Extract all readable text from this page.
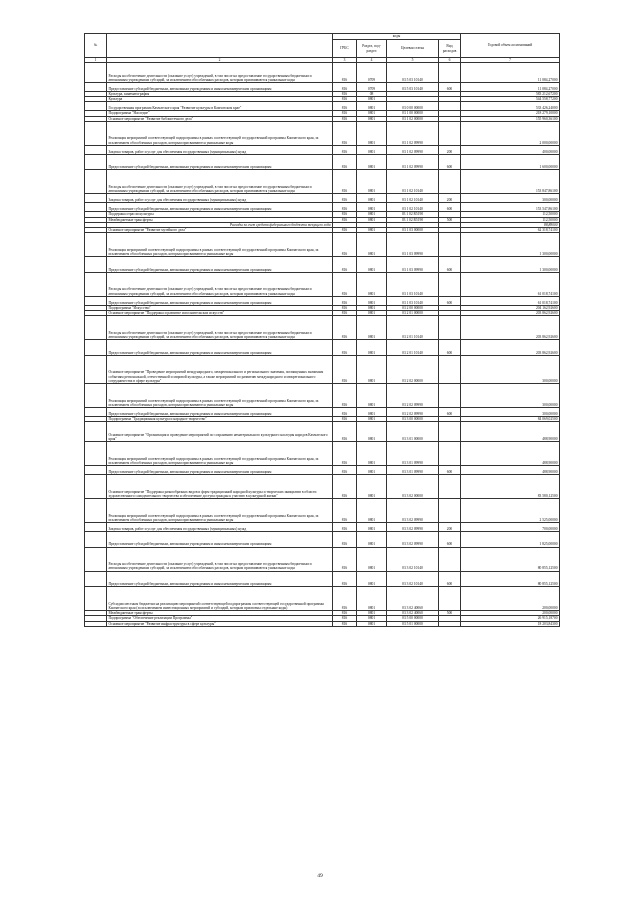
№		коды				Годовой объем ассигнований
		ГРБС	Раздел, под-раздел	Целевая статья	Вид расходов	
1	2	3	4	5	6	7
	Расходы на обеспечение деятельности (оказание услуг) учреждений, в том числе на предоставление государственным бюджетным и автономным учреждениям субсидий, за исключением обособленных расходов, которым присваиваются уникальные коды	816	0709	03 5 03 10140		11 084,27000
	Предоставление субсидий бюджетным, автономным учреждениям и иным некоммерческим организациям	816	0709	03 5 03 10140	600	11 084,27000
	Культура, кинематография	816	08			583 212,67200
	Культура	816	0801			544 558,77200
	Государственная программа Камчатского края "Развитие культуры в Камчатском крае"	816	0801	03 0 00 00000		533 426,24000
	Подпрограмма "Наследие"	816	0801	03 1 00 00000		218 279,10000
	Основное мероприятие "Развитие библиотечного дела"	816	0801	03 1 02 00000		155 960,36100
	Реализация мероприятий соответствующей подпрограммы в рамках соответствующей государственной программы Камчатского края, за исключением обособленных расходов, которым присваиваются уникальные коды	816	0801	03 1 02 09990		2 000,00000
	Закупка товаров, работ и услуг для обеспечения государственных (муниципальных) нужд	816	0801	03 1 02 09990	200	400,00000
	Предоставление субсидий бюджетным, автономным учреждениям и иным некоммерческим организациям	816	0801	03 1 02 09990	600	1 600,00000
	Расходы на обеспечение деятельности (оказание услуг) учреждений, в том числе на предоставление государственным бюджетным и автономным учреждениям субсидий, за исключением обособленных расходов, которым присваиваются уникальные коды	816	0801	03 1 02 10140		153 847,86100
	Закупка товаров, работ и услуг для обеспечения государственных (муниципальных) нужд	816	0801	03 1 02 10140	200	300,00000
	Предоставление субсидий бюджетным, автономным учреждениям и иным некоммерческим организациям	816	0801	03 1 02 10140	600	153 547,86100
	Поддержка отрасли культуры	816	0801	03 1 02 R5190		112,50000
	Межбюджетные трансферты	816	0801	03 1 02 R5190	500	112,50000
	Расходы за счет средств федерального бюджета текущего года					88,88000
	Основное мероприятие "Развитие музейного дела"	816	0801	03 1 03 00000		62 318,74100
	Реализация мероприятий соответствующей подпрограммы в рамках соответствующей государственной программы Камчатского края, за исключением обособленных расходов, которым присваиваются уникальные коды	816	0801	03 1 03 09990		1 300,00000
	Предоставление субсидий бюджетным, автономным учреждениям и иным некоммерческим организациям	816	0801	03 1 03 09990	600	1 300,00000
	Расходы на обеспечение деятельности (оказание услуг) учреждений, в том числе на предоставление государственным бюджетным и автономным учреждениям субсидий, за исключением обособленных расходов, которым присваиваются уникальные коды	816	0801	03 1 03 10140		61 018,74100
	Предоставление субсидий бюджетным, автономным учреждениям и иным некоммерческим организациям	816	0801	03 1 03 10140	600	61 018,74100
	Подпрограмма "Искусство"	816	0801	03 2 00 00000		204 162,92600
	Основное мероприятие "Поддержка и развитие исполнительских искусств"	816	0801	03 2 01 00000		203 862,92600
	Расходы на обеспечение деятельности (оказание услуг) учреждений, в том числе на предоставление государственным бюджетным и автономным учреждениям субсидий, за исключением обособленных расходов, которым присваиваются уникальные коды	816	0801	03 2 01 10140		203 862,92600
	Предоставление субсидий бюджетным, автономным учреждениям и иным некоммерческим организациям	816	0801	03 2 01 10140	600	203 862,92600
	Основное мероприятие "Проведение мероприятий международного, межрегионального и регионального значения, посвященных значимым событиям региональной, отечественной и мировой культуры, а также мероприятий по развитию международного и межрегионального сотрудничества в сфере культуры"	816	0801	03 2 02 00000		300,00000
	Реализация мероприятий соответствующей подпрограммы в рамках соответствующей государственной программы Камчатского края, за исключением обособленных расходов, которым присваиваются уникальные коды	816	0801	03 2 02 09990		300,00000
	Предоставление субсидий бюджетным, автономным учреждениям и иным некоммерческим организациям	816	0801	03 2 02 09990	600	300,00000
	Подпрограмма "Традиционная культура и народное творчество"	816	0801	03 3 00 00000		84 069,02500
	Основное мероприятие "Организация и проведение мероприятий по сохранению нематериального культурного наследия народов Камчатского края"	816	0801	03 3 01 00000		488,90000
	Реализация мероприятий соответствующей подпрограммы в рамках соответствующей государственной программы Камчатского края, за исключением обособленных расходов, которым присваиваются уникальные коды	816	0801	03 3 01 09990		488,90000
	Предоставление субсидий бюджетным, автономным учреждениям и иным некоммерческим организациям	816	0801	03 3 01 09990	600	488,90000
	Основное мероприятие "Поддержка разнообразных видов и форм традиционной народной культуры и творческих инициатив в области художественного самодеятельного творчества и обеспечение доступа граждан к участию в культурной жизни"	816	0801	03 3 02 00000		83 580,12500
	Реализация мероприятий соответствующей подпрограммы в рамках соответствующей государственной программы Камчатского края, за исключением обособленных расходов, которым присваиваются уникальные коды	816	0801	03 3 02 09990		2 525,00000
	Закупка товаров, работ и услуг для обеспечения государственных (муниципальных) нужд	816	0801	03 3 02 09990	200	700,00000
	Предоставление субсидий бюджетным, автономным учреждениям и иным некоммерческим организациям	816	0801	03 3 02 09990	600	1 825,00000
	Расходы на обеспечение деятельности (оказание услуг) учреждений, в том числе на предоставление государственным бюджетным и автономным учреждениям субсидий, за исключением обособленных расходов, которым присваиваются уникальные коды	816	0801	03 3 02 10140		80 855,12500
	Предоставление субсидий бюджетным, автономным учреждениям и иным некоммерческим организациям	816	0801	03 3 02 10140	600	80 855,12500
	Субсидии местным бюджетам на реализацию мероприятий соответствующей подпрограммы соответствующей государственной программы Камчатского края (за исключением инвестиционных мероприятий и субсидий, которым присвоены отдельные коды)	816	0801	03 3 02 40060		200,00000
	Межбюджетные трансферты	816	0801	03 3 02 40060	500	200,00000
	Подпрограмма "Обеспечение реализации Программы"	816	0801	03 5 00 00000		26 915,18700
	Основное мероприятие "Развитие инфраструктуры в сфере культуры"	816	0801	03 5 01 00000		18 203,84300
49
